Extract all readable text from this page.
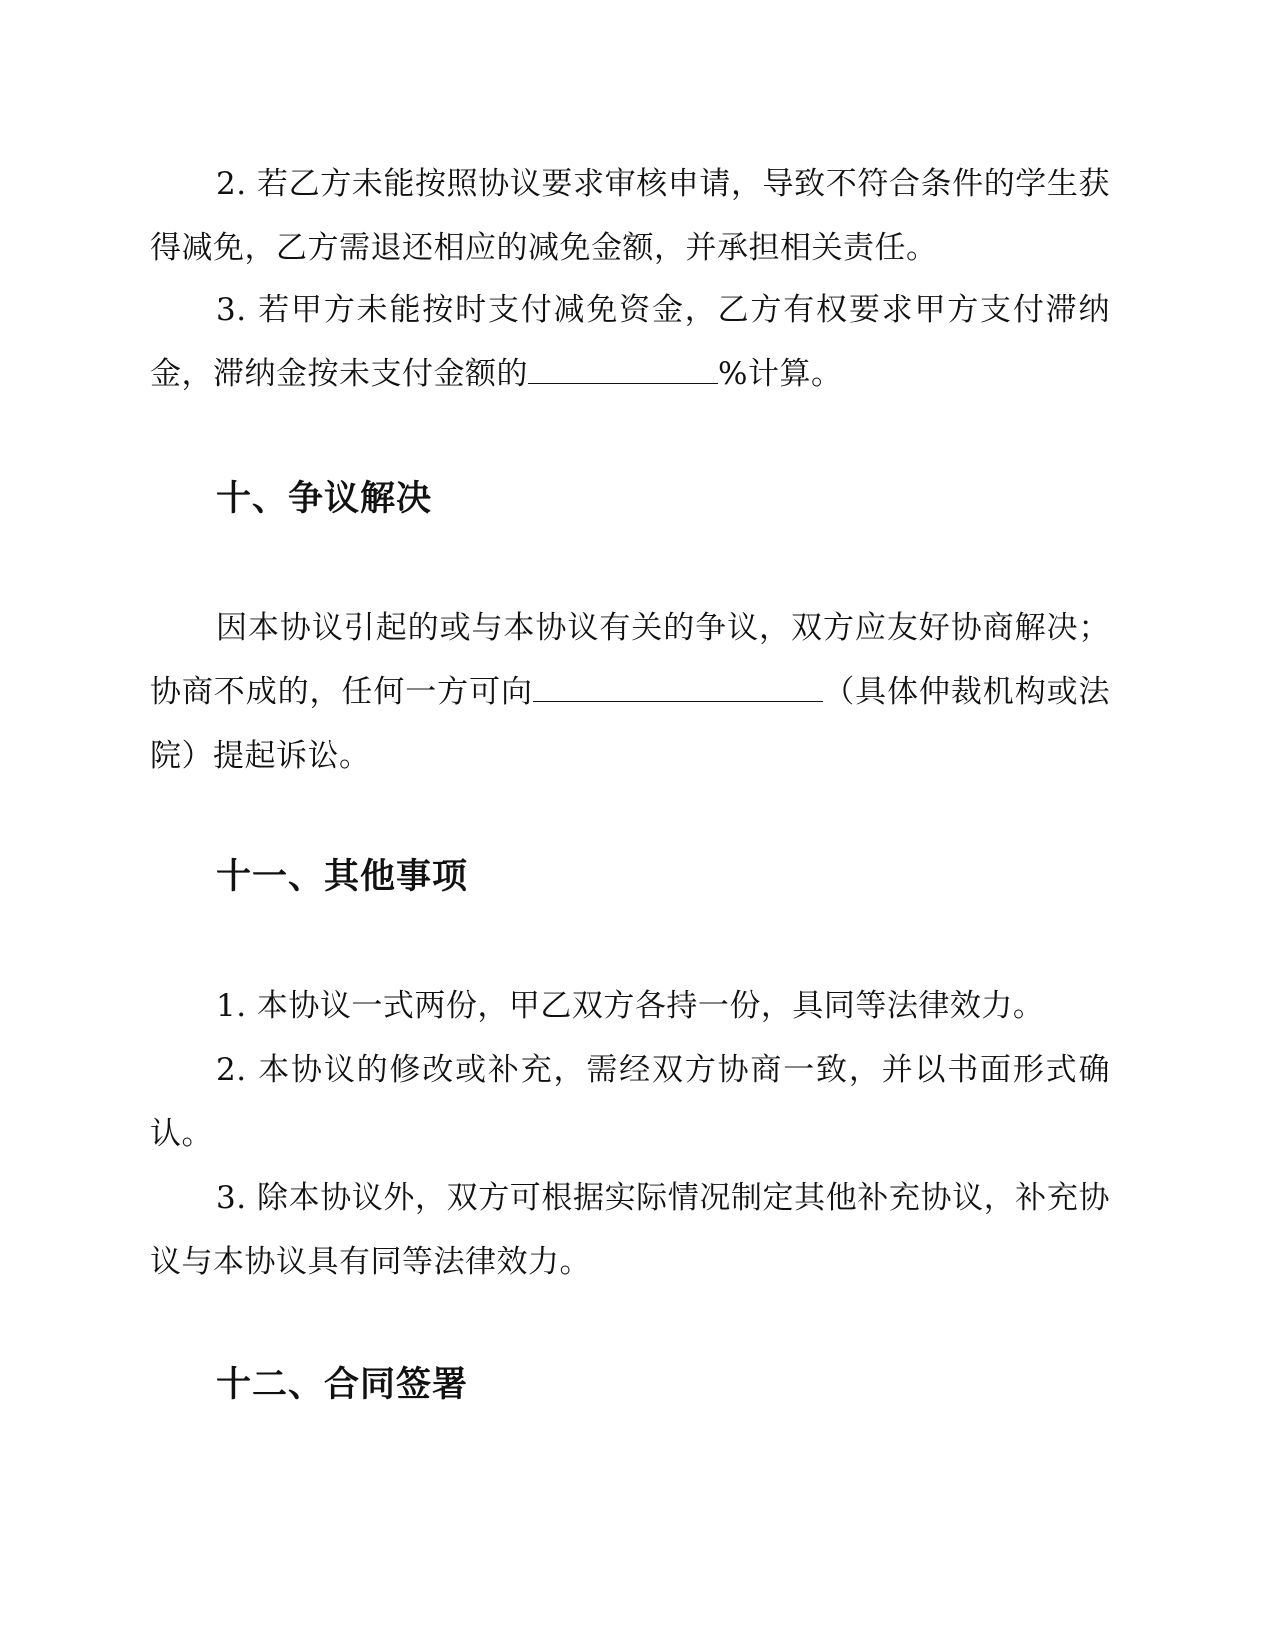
2. 若乙方未能按照协议要求审核申请，导致不符合条件的学生获得减免，乙方需退还相应的减免金额，并承担相关责任。

3. 若甲方未能按时支付减免资金，乙方有权要求甲方支付滞纳金，滞纳金按未支付金额的	%计算。

十、争议解决

因本协议引起的或与本协议有关的争议，双方应友好协商解决；协商不成的，任何一方可向	（具体仲裁机构或法院）提起诉讼。

十一、其他事项

1. 本协议一式两份，甲乙双方各持一份，具同等法律效力。

2. 本协议的修改或补充，需经双方协商一致，并以书面形式确认。

3. 除本协议外，双方可根据实际情况制定其他补充协议，补充协议与本协议具有同等法律效力。

十二、合同签署
